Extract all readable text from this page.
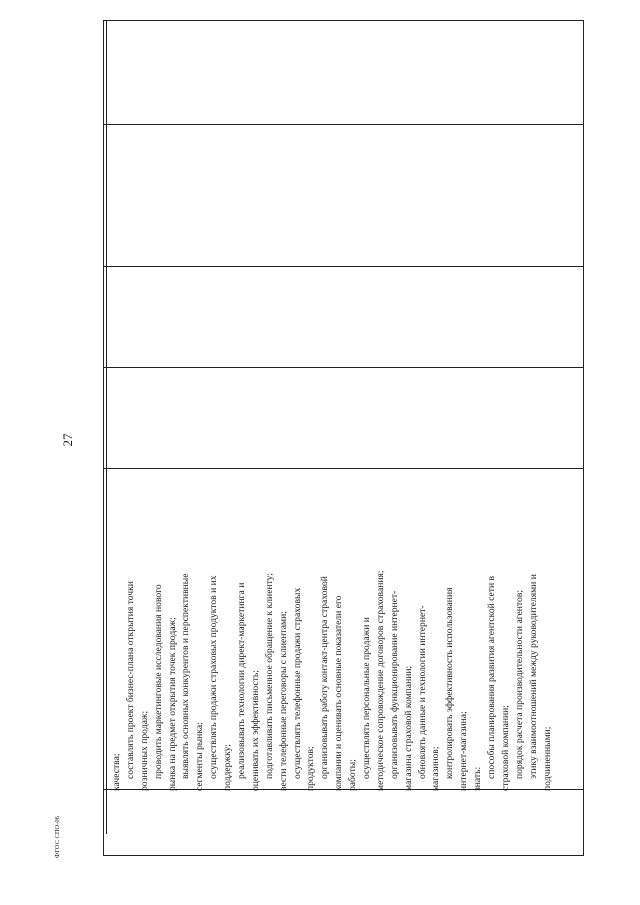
27
качества; составлять проект бизнес-плана открытия точки розничных продаж; проводить маркетинговые исследования нового рынка на предмет открытия точек продаж; выявлять основных конкурентов и перспективные сегменты рынка; осуществлять продажи страховых продуктов и их поддержку; реализовывать технологии директ-маркетинга и оценивать их эффективность; подготавливать письменное обращение к клиенту; вести телефонные переговоры с клиентами; осуществлять телефонные продажи страховых продуктов; организовывать работу контакт-центра страховой компании и оценивать основные показатели его работы; осуществлять персональные продажи и методическое сопровождение договоров страхования; организовывать функционирование интернет- магазина страховой компании; обновлять данные и технологии интернет- магазинов; контролировать эффективность использования интернет-магазина; знать: способы планирования развития агентской сети в страховой компании; порядок расчета производительности агентов; этику взаимоотношений между руководителями и подчиненными;
ФГОС СПО-06
